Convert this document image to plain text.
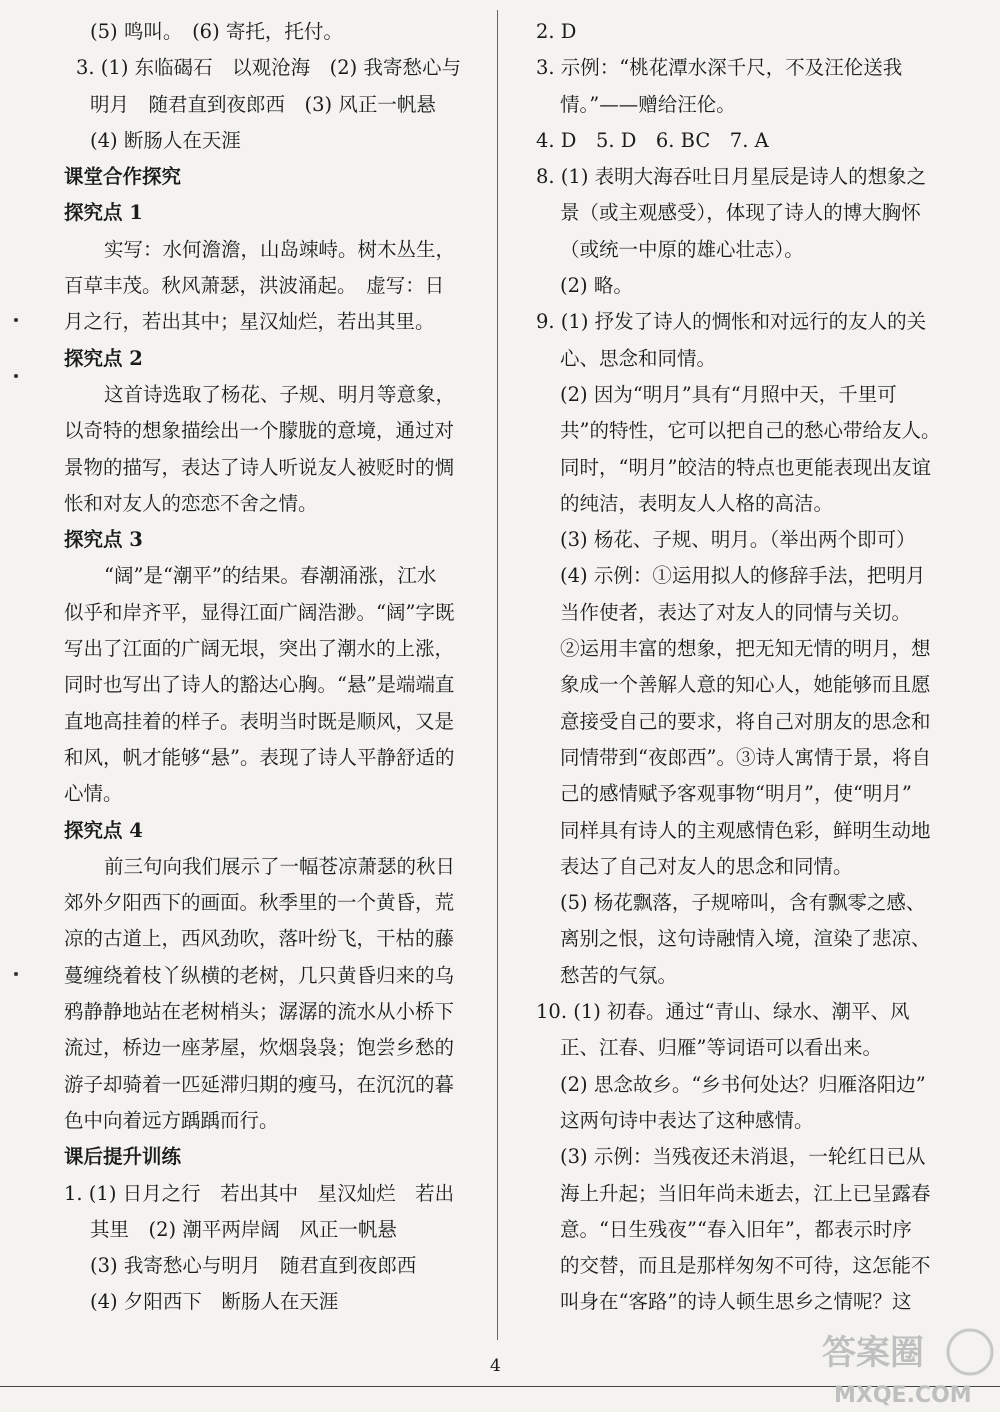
(5) 鸣叫。　(6) 寄托，托付。
3. (1) 东临碣石　以观沧海　(2) 我寄愁心与
明月　随君直到夜郎西　(3) 风正一帆悬
(4) 断肠人在天涯
课堂合作探究
探究点 1
实写：水何澹澹，山岛竦峙。树木丛生，
百草丰茂。秋风萧瑟，洪波涌起。　虚写：日
月之行，若出其中；星汉灿烂，若出其里。
探究点 2
这首诗选取了杨花、子规、明月等意象，
以奇特的想象描绘出一个朦胧的意境，通过对
景物的描写，表达了诗人听说友人被贬时的惆
怅和对友人的恋恋不舍之情。
探究点 3
“阔”是“潮平”的结果。春潮涌涨，江水
似乎和岸齐平，显得江面广阔浩渺。“阔”字既
写出了江面的广阔无垠，突出了潮水的上涨，
同时也写出了诗人的豁达心胸。“悬”是端端直
直地高挂着的样子。表明当时既是顺风，又是
和风，帆才能够“悬”。表现了诗人平静舒适的
心情。
探究点 4
前三句向我们展示了一幅苍凉萧瑟的秋日
郊外夕阳西下的画面。秋季里的一个黄昏，荒
凉的古道上，西风劲吹，落叶纷飞，干枯的藤
蔓缠绕着枝丫纵横的老树，几只黄昏归来的乌
鸦静静地站在老树梢头；潺潺的流水从小桥下
流过，桥边一座茅屋，炊烟袅袅；饱尝乡愁的
游子却骑着一匹延滞归期的瘦马，在沉沉的暮
色中向着远方踽踽而行。
课后提升训练
1. (1) 日月之行　若出其中　星汉灿烂　若出
其里　(2) 潮平两岸阔　风正一帆悬
(3) 我寄愁心与明月　随君直到夜郎西
(4) 夕阳西下　断肠人在天涯
2. D
3. 示例：“桃花潭水深千尺，不及汪伦送我
情。”——赠给汪伦。
4. D　5. D　6. BC　7. A
8. (1) 表明大海吞吐日月星辰是诗人的想象之
景（或主观感受），体现了诗人的博大胸怀
（或统一中原的雄心壮志）。
(2) 略。
9. (1) 抒发了诗人的惆怅和对远行的友人的关
心、思念和同情。
(2) 因为“明月”具有“月照中天，千里可
共”的特性，它可以把自己的愁心带给友人。
同时，“明月”皎洁的特点也更能表现出友谊
的纯洁，表明友人人格的高洁。
(3) 杨花、子规、明月。（举出两个即可）
(4) 示例：①运用拟人的修辞手法，把明月
当作使者，表达了对友人的同情与关切。
②运用丰富的想象，把无知无情的明月，想
象成一个善解人意的知心人，她能够而且愿
意接受自己的要求，将自己对朋友的思念和
同情带到“夜郎西”。③诗人寓情于景，将自
己的感情赋予客观事物“明月”，使“明月”
同样具有诗人的主观感情色彩，鲜明生动地
表达了自己对友人的思念和同情。
(5) 杨花飘落，子规啼叫，含有飘零之感、
离别之恨，这句诗融情入境，渲染了悲凉、
愁苦的气氛。
10. (1) 初春。通过“青山、绿水、潮平、风
正、江春、归雁”等词语可以看出来。
(2) 思念故乡。“乡书何处达？归雁洛阳边”
这两句诗中表达了这种感情。
(3) 示例：当残夜还未消退，一轮红日已从
海上升起；当旧年尚未逝去，江上已呈露春
意。“日生残夜”“春入旧年”，都表示时序
的交替，而且是那样匆匆不可待，这怎能不
叫身在“客路”的诗人顿生思乡之情呢？这
4	答案圈
MXQE.COM
